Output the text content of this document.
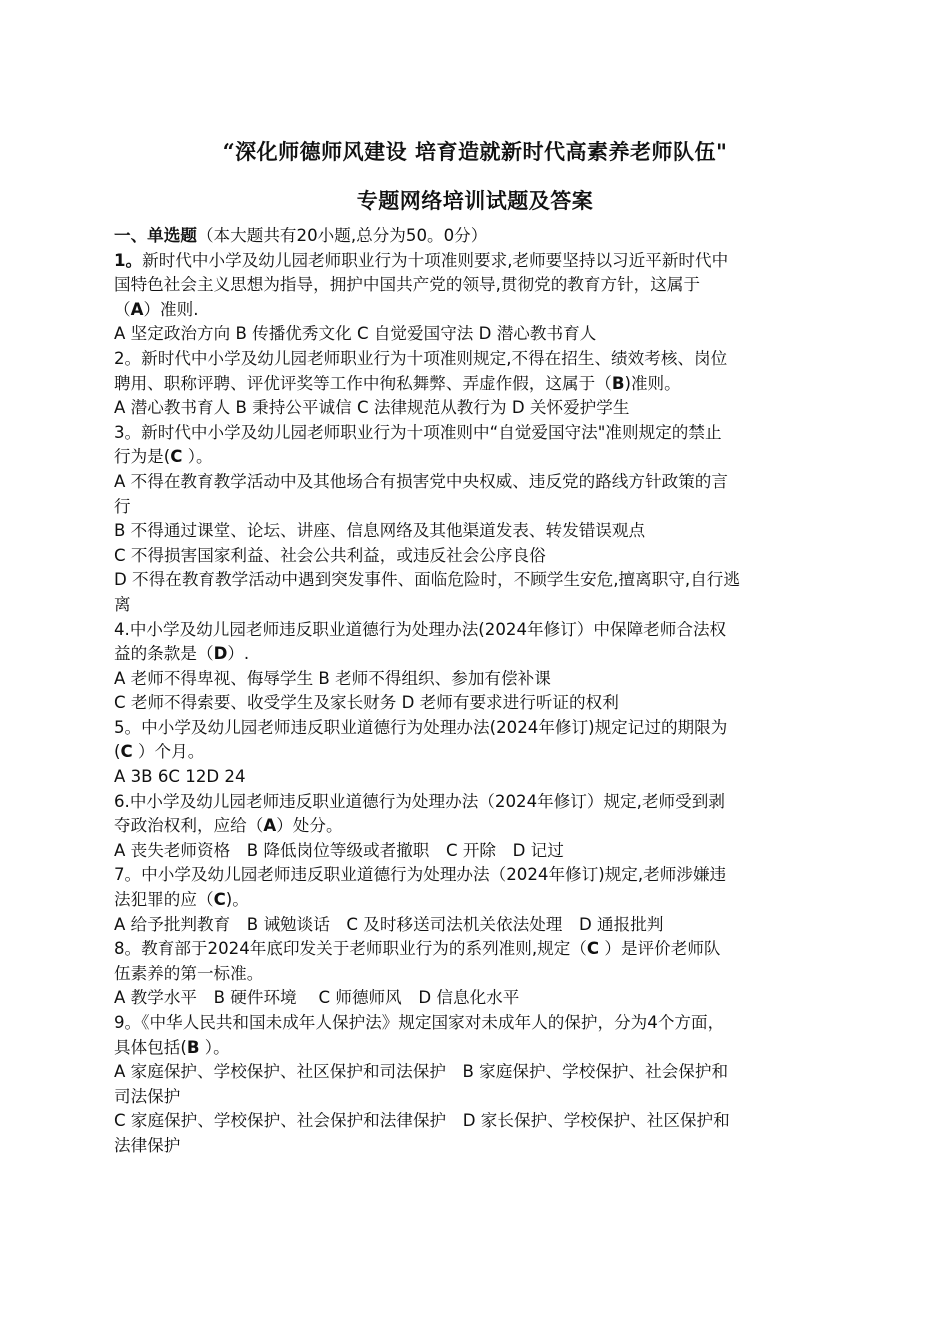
“深化师德师风建设 培育造就新时代高素养老师队伍"
专题网络培训试题及答案
一、单选题（本大题共有20小题,总分为50。0分）
1。新时代中小学及幼儿园老师职业行为十项准则要求,老师要坚持以习近平新时代中
国特色社会主义思想为指导，拥护中国共产党的领导,贯彻党的教育方针，这属于
（A）准则.
A 坚定政治方向 B 传播优秀文化 C 自觉爱国守法 D 潜心教书育人
2。新时代中小学及幼儿园老师职业行为十项准则规定,不得在招生、绩效考核、岗位
聘用、职称评聘、评优评奖等工作中徇私舞弊、弄虚作假，这属于（B)准则。
A 潜心教书育人 B 秉持公平诚信 C 法律规范从教行为 D 关怀爱护学生
3。新时代中小学及幼儿园老师职业行为十项准则中“自觉爱国守法"准则规定的禁止
行为是(C ）。
A 不得在教育教学活动中及其他场合有损害党中央权威、违反党的路线方针政策的言
行
B 不得通过课堂、论坛、讲座、信息网络及其他渠道发表、转发错误观点
C 不得损害国家利益、社会公共利益，或违反社会公序良俗
D 不得在教育教学活动中遇到突发事件、面临危险时，不顾学生安危,擅离职守,自行逃
离
4.中小学及幼儿园老师违反职业道德行为处理办法(2024年修订）中保障老师合法权
益的条款是（D）.
A 老师不得卑视、侮辱学生 B 老师不得组织、参加有偿补课
C 老师不得索要、收受学生及家长财务 D 老师有要求进行听证的权利
5。中小学及幼儿园老师违反职业道德行为处理办法(2024年修订)规定记过的期限为
(C ）个月。
A 3B 6C 12D 24
6.中小学及幼儿园老师违反职业道德行为处理办法（2024年修订）规定,老师受到剥
夺政治权利，应给（A）处分。
A 丧失老师资格　B 降低岗位等级或者撤职　C 开除　D 记过
7。中小学及幼儿园老师违反职业道德行为处理办法（2024年修订)规定,老师涉嫌违
法犯罪的应（C)。
A 给予批判教育　B 诫勉谈话　C 及时移送司法机关依法处理　D 通报批判
8。教育部于2024年底印发关于老师职业行为的系列准则,规定（C ）是评价老师队
伍素养的第一标准。
A 教学水平　B 硬件环境　 C 师德师风　D 信息化水平
9。《中华人民共和国未成年人保护法》规定国家对未成年人的保护，分为4个方面，
具体包括(B ）。
A 家庭保护、学校保护、社区保护和司法保护　B 家庭保护、学校保护、社会保护和
司法保护
C 家庭保护、学校保护、社会保护和法律保护　D 家长保护、学校保护、社区保护和
法律保护
